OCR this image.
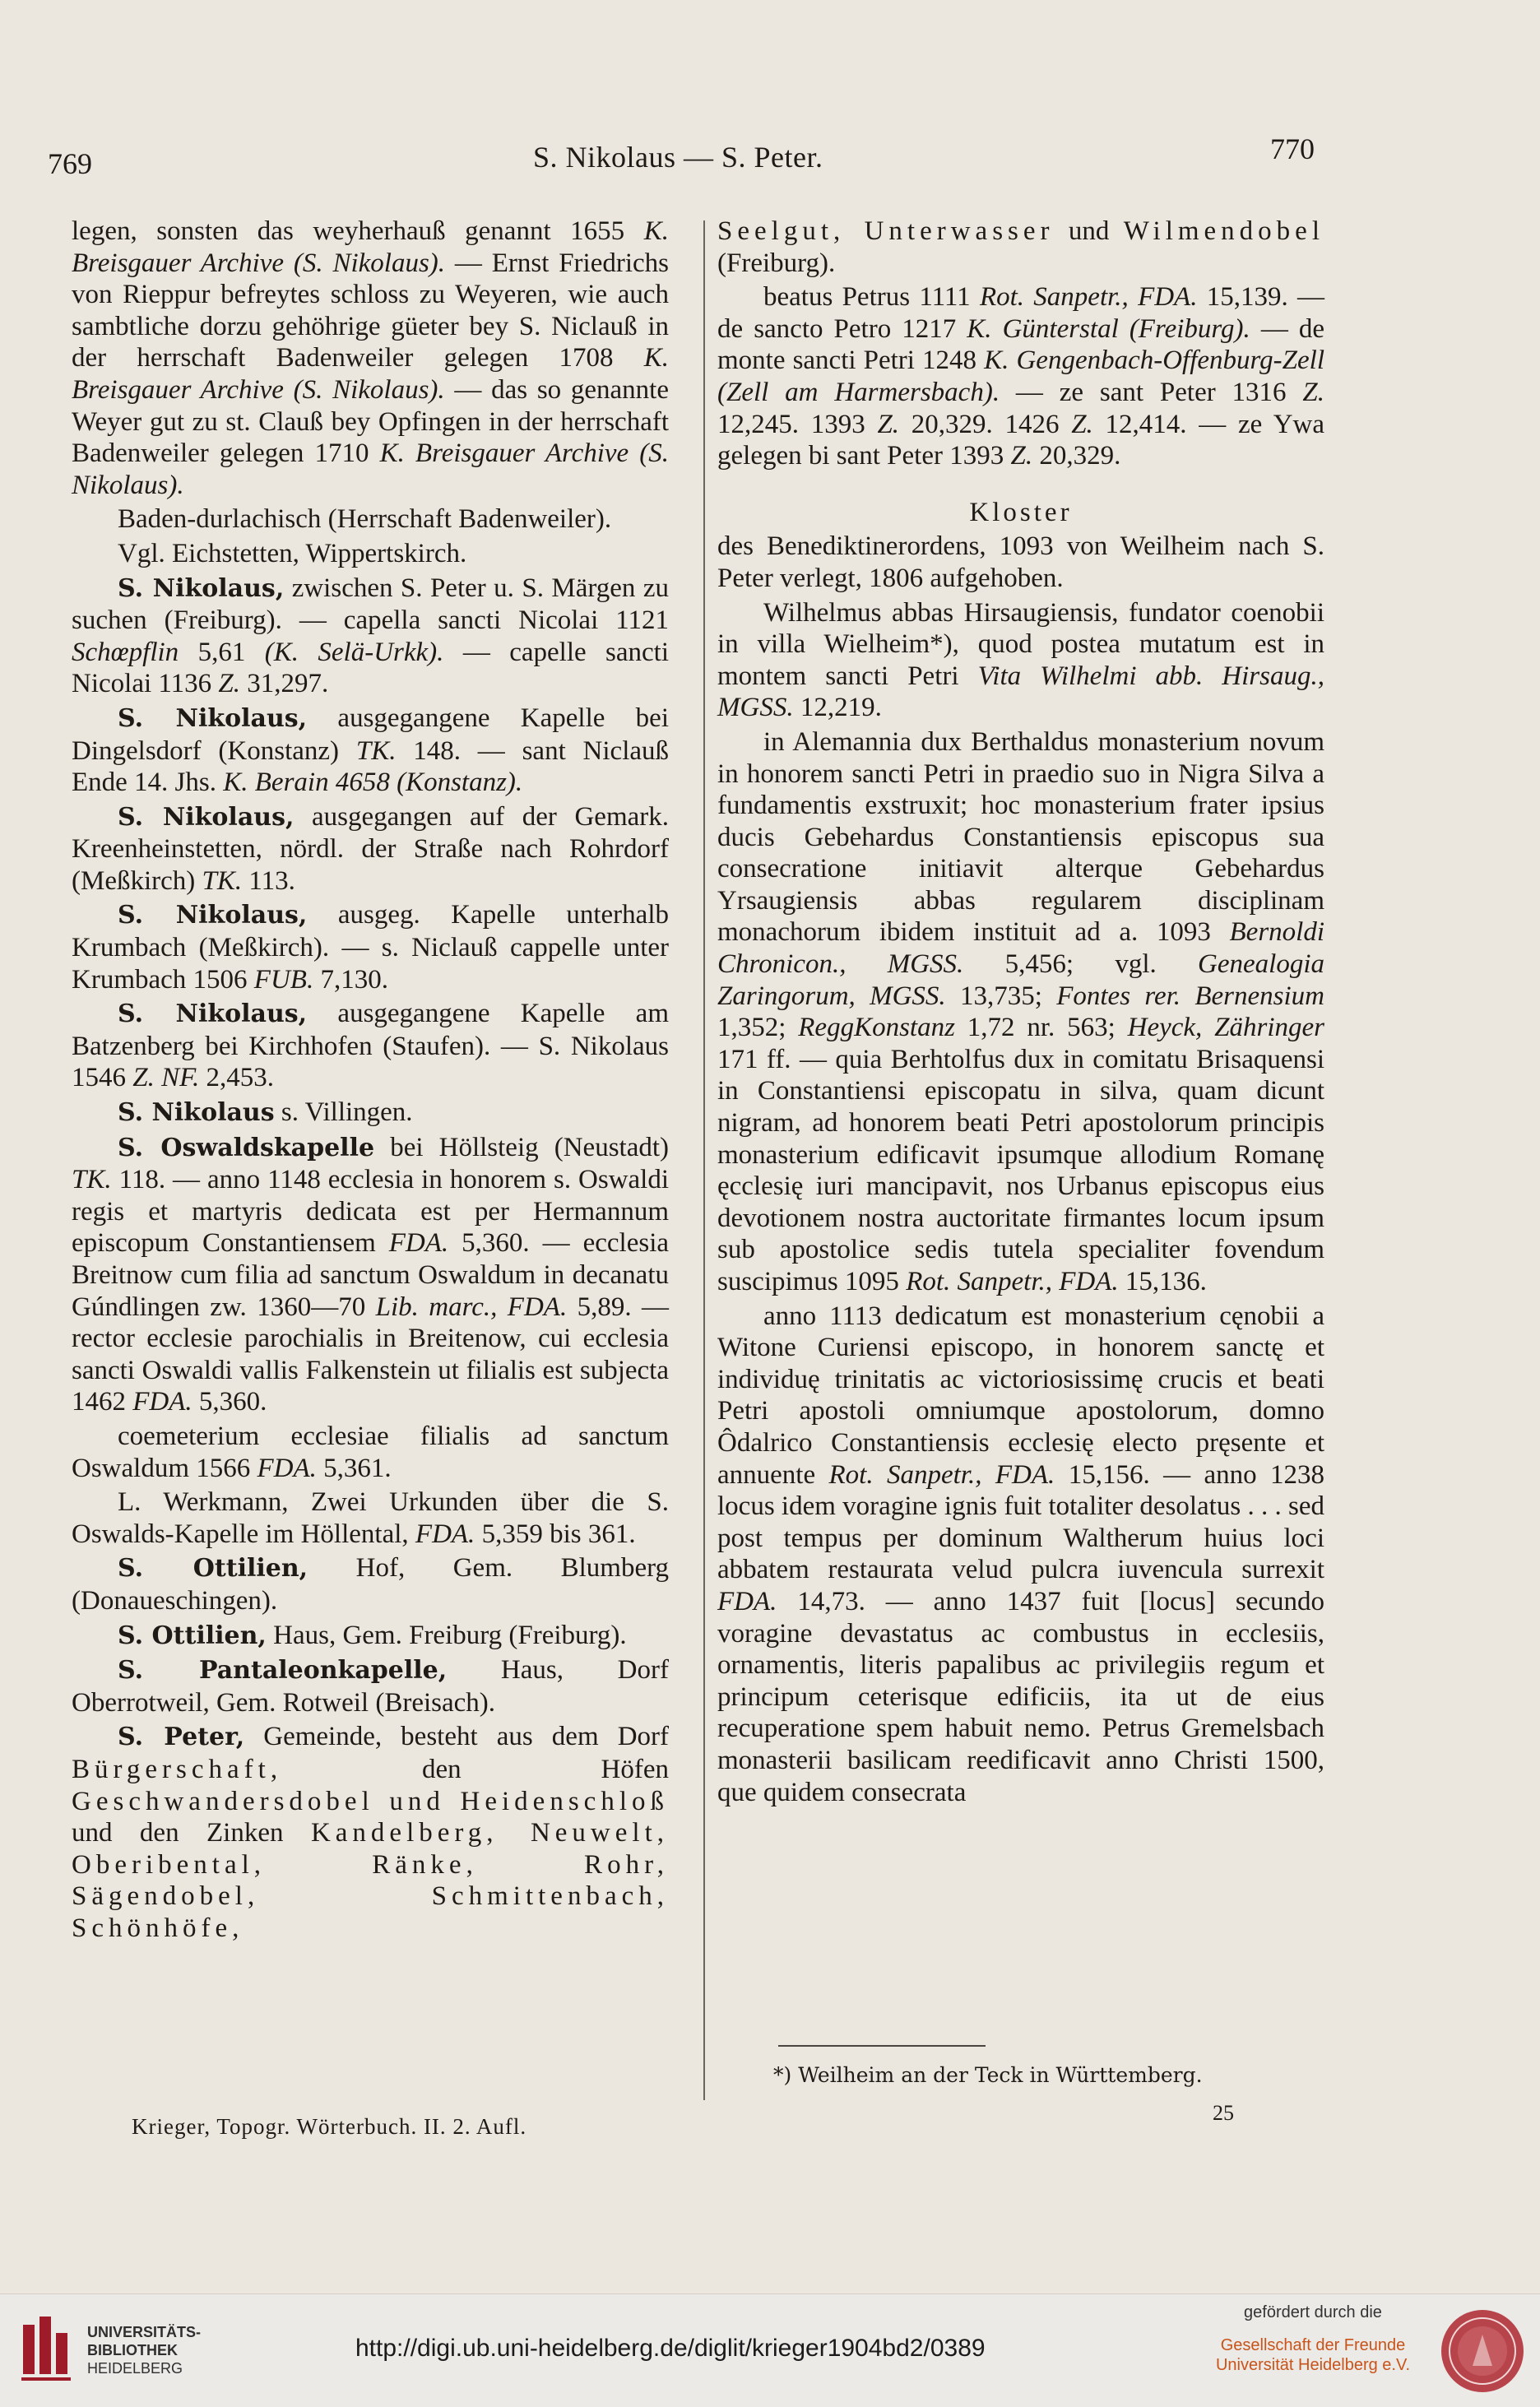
769	S. Nikolaus — S. Peter.	770

legen, sonsten das weyherhauß genannt 1655 K. Breisgauer Archive (S. Nikolaus). — Ernst Friedrichs von Rieppur befreytes schloss zu Weyeren, wie auch sambtliche dorzu gehöhrige güeter bey S. Niclauß in der herrschaft Badenweiler gelegen 1708 K. Breisgauer Archive (S. Nikolaus). — das so genannte Weyer gut zu st. Clauß bey Opfingen in der herrschaft Badenweiler gelegen 1710 K. Breisgauer Archive (S. Nikolaus).

Baden-durlachisch (Herrschaft Badenweiler).

Vgl. Eichstetten, Wippertskirch.

S. Nikolaus, zwischen S. Peter u. S. Märgen zu suchen (Freiburg). — capella sancti Nicolai 1121 Schœpflin 5,61 (K. Selä-Urkk). — capelle sancti Nicolai 1136 Z. 31,297.

S. Nikolaus, ausgegangene Kapelle bei Dingelsdorf (Konstanz) TK. 148. — sant Niclauß Ende 14. Jhs. K. Berain 4658 (Konstanz).

S. Nikolaus, ausgegangen auf der Gemark. Kreenheinstetten, nördl. der Straße nach Rohrdorf (Meßkirch) TK. 113.

S. Nikolaus, ausgeg. Kapelle unterhalb Krumbach (Meßkirch). — s. Niclauß cappelle unter Krumbach 1506 FUB. 7,130.

S. Nikolaus, ausgegangene Kapelle am Batzenberg bei Kirchhofen (Staufen). — S. Nikolaus 1546 Z. NF. 2,453.

S. Nikolaus s. Villingen.

S. Oswaldskapelle bei Höllsteig (Neustadt) TK. 118. — anno 1148 ecclesia in honorem s. Oswaldi regis et martyris dedicata est per Hermannum episcopum Constantiensem FDA. 5,360. — ecclesia Breitnow cum filia ad sanctum Oswaldum in decanatu Gúndlingen zw. 1360—70 Lib. marc., FDA. 5,89. — rector ecclesie parochialis in Breitenow, cui ecclesia sancti Oswaldi vallis Falkenstein ut filialis est subjecta 1462 FDA. 5,360.

coemeterium ecclesiae filialis ad sanctum Oswaldum 1566 FDA. 5,361.

L. Werkmann, Zwei Urkunden über die S. Oswalds-Kapelle im Höllental, FDA. 5,359 bis 361.

S. Ottilien, Hof, Gem. Blumberg (Donaueschingen).

S. Ottilien, Haus, Gem. Freiburg (Freiburg).

S. Pantaleonkapelle, Haus, Dorf Oberrotweil, Gem. Rotweil (Breisach).

S. Peter, Gemeinde, besteht aus dem Dorf Bürgerschaft,	den Höfen Geschwandersdobel und Heidenschloß und den Zinken Kandelberg, Neuwelt, Oberibental, Ränke, Rohr, Sägendobel, Schmittenbach, Schönhöfe,

Seelgut, Unterwasser und Wilmendobel (Freiburg).

beatus Petrus 1111 Rot. Sanpetr., FDA. 15,139. — de sancto Petro 1217 K. Günterstal (Freiburg). — de monte sancti Petri 1248 K. Gengenbach-Offenburg-Zell (Zell am Harmersbach). — ze sant Peter 1316 Z. 12,245. 1393 Z. 20,329. 1426 Z. 12,414. — ze Ywa gelegen bi sant Peter 1393 Z. 20,329.

Kloster

des Benediktinerordens, 1093 von Weilheim nach S. Peter verlegt, 1806 aufgehoben.

Wilhelmus abbas Hirsaugiensis, fundator coenobii in villa Wielheim*), quod postea mutatum est in montem sancti Petri Vita Wilhelmi abb. Hirsaug., MGSS. 12,219.

in Alemannia dux Berthaldus monasterium novum in honorem sancti Petri in praedio suo in Nigra Silva a fundamentis exstruxit; hoc monasterium frater ipsius ducis Gebehardus Constantiensis episcopus sua consecratione initiavit alterque Gebehardus Yrsaugiensis abbas regularem disciplinam monachorum ibidem instituit ad a. 1093 Bernoldi Chronicon., MGSS. 5,456; vgl. Genealogia Zaringorum, MGSS. 13,735; Fontes rer. Bernensium 1,352; ReggKonstanz 1,72 nr. 563; Heyck, Zähringer 171 ff. — quia Berhtolfus dux in comitatu Brisaquensi in Constantiensi episcopatu in silva, quam dicunt nigram, ad honorem beati Petri apostolorum principis monasterium edificavit ipsumque allodium Romanę ęcclesię iuri mancipavit, nos Urbanus episcopus eius devotionem nostra auctoritate firmantes locum ipsum sub apostolice sedis tutela specialiter fovendum suscipimus 1095 Rot. Sanpetr., FDA. 15,136.

anno 1113 dedicatum est monasterium cęnobii a Witone Curiensi episcopo, in honorem sanctę et individuę trinitatis ac victoriosissimę crucis et beati Petri apostoli omniumque apostolorum, domno Ôdalrico Constantiensis ecclesię electo pręsente et annuente Rot. Sanpetr., FDA. 15,156. — anno 1238 locus idem voragine ignis fuit totaliter desolatus . . . sed post tempus per dominum Waltherum huius loci abbatem restaurata velud pulcra iuvencula surrexit FDA. 14,73. — anno 1437 fuit [locus] secundo voragine devastatus ac combustus in ecclesiis, ornamentis, literis papalibus ac privilegiis regum et principum ceterisque edificiis, ita ut de eius recuperatione spem habuit nemo. Petrus Gremelsbach monasterii basilicam reedificavit anno Christi 1500, que quidem consecrata

Krieger, Topogr. Wörterbuch. II. 2. Aufl.
*) Weilheim an der Teck in Württemberg.
25
UNIVERSITÄTS-
BIBLIOTHEK
HEIDELBERG
http://digi.ub.uni-heidelberg.de/diglit/krieger1904bd2/0389
gefördert durch die
Gesellschaft der Freunde
Universität Heidelberg e.V.
